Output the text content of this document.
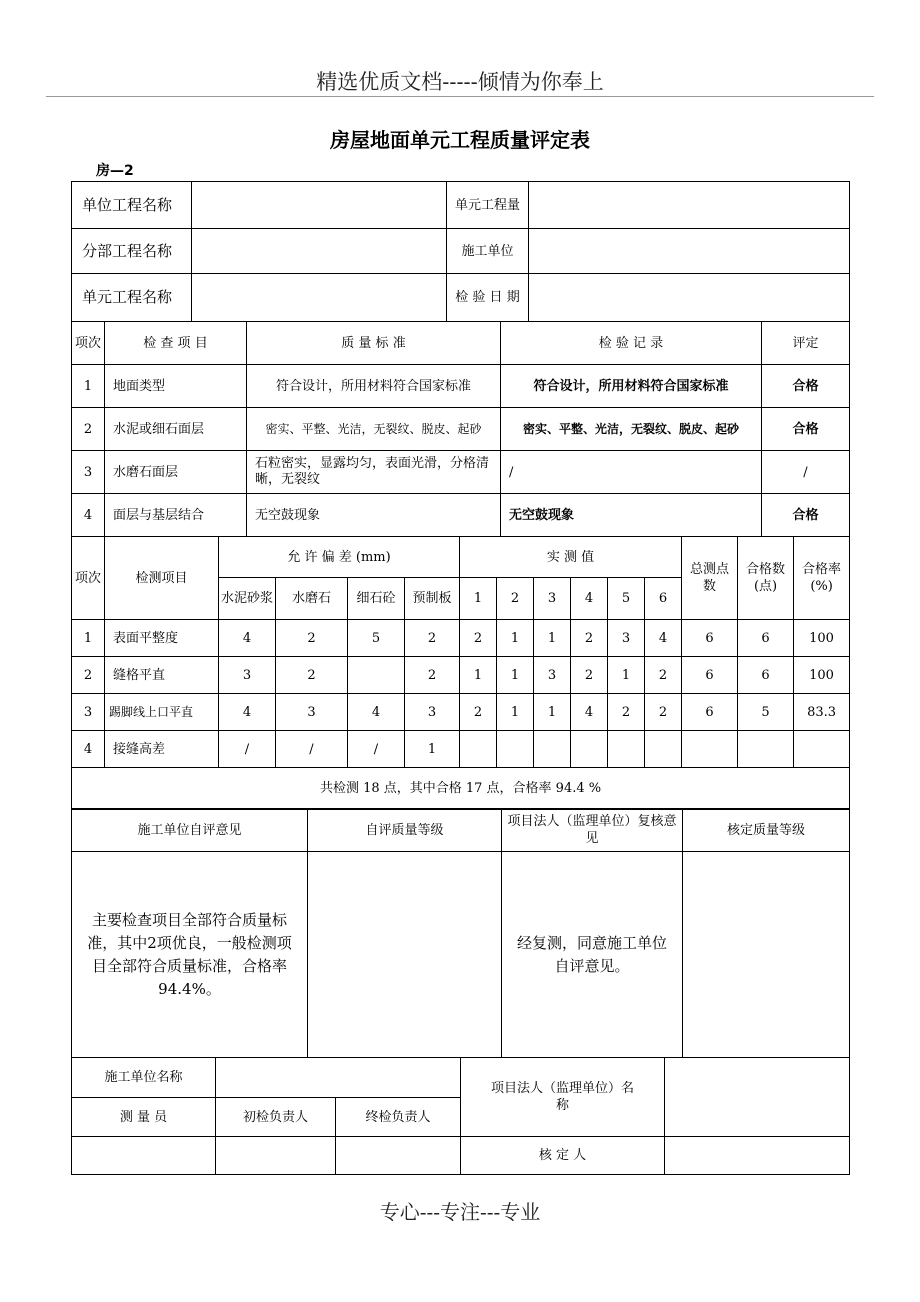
精选优质文档-----倾情为你奉上
房屋地面单元工程质量评定表
房—2
单位工程名称		单元工程量	
分部工程名称		施工单位	
单元工程名称		检 验 日 期	
项次	检 查 项 目	质 量 标 准	检 验 记 录	评定
1	地面类型	符合设计，所用材料符合国家标准	符合设计，所用材料符合国家标准	合格
2	水泥或细石面层	密实、平整、光洁，无裂纹、脱皮、起砂	密实、平整、光洁，无裂纹、脱皮、起砂	合格
3	水磨石面层	石粒密实，显露均匀，表面光滑，分格清晰，无裂纹	/	/
4	面层与基层结合	无空鼓现象	无空鼓现象	合格
项次	检测项目	允 许 偏 差 (mm)				实 测 值						总测点数	合格数(点)	合格率(%)
		水泥砂浆	水磨石	细石砼	预制板	1	2	3	4	5	6			
1	表面平整度	4	2	5	2	2	1	1	2	3	4	6	6	100
2	缝格平直	3	2		2	1	1	3	2	1	2	6	6	100
3	踢脚线上口平直	4	3	4	3	2	1	1	4	2	2	6	5	83.3
4	接缝高差	/	/	/	1									
共检测 18 点，其中合格 17 点，合格率 94.4 %														
施工单位自评意见	自评质量等级	项目法人（监理单位）复核意见	核定质量等级
主要检查项目全部符合质量标准，其中2项优良，一般检测项目全部符合质量标准，合格率94.4%。		经复测，同意施工单位自评意见。	
施工单位名称			项目法人（监理单位）名 称	
测 量 员	初检负责人	终检负责人		
			核 定 人	
专心---专注---专业
